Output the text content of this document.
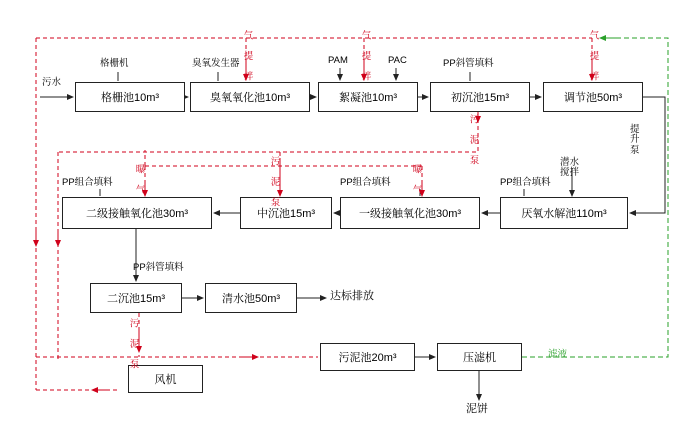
格栅池10m³	臭氧氧化池10m³	絮凝池10m³	初沉池15m³	调节池50m³
厌氧水解池110m³
一级接触氧化池30m³
中沉池15m³
二级接触氧化池30m³
二沉池15m³	清水池50m³
污泥池20m³	压滤机
风机
污水
格栅机	臭氧发生器	PAM	PAC	PP斜管填料
气 提 拌	气 提 拌	气 提 拌
污 泥 泵	提升泵
潜水搅拌
PP组合填料
PP组合填料
PP组合填料 曝 气	曝 气
污 泥 泵
PP斜管填料
污 泥 泵
达标排放
滤液
泥饼
